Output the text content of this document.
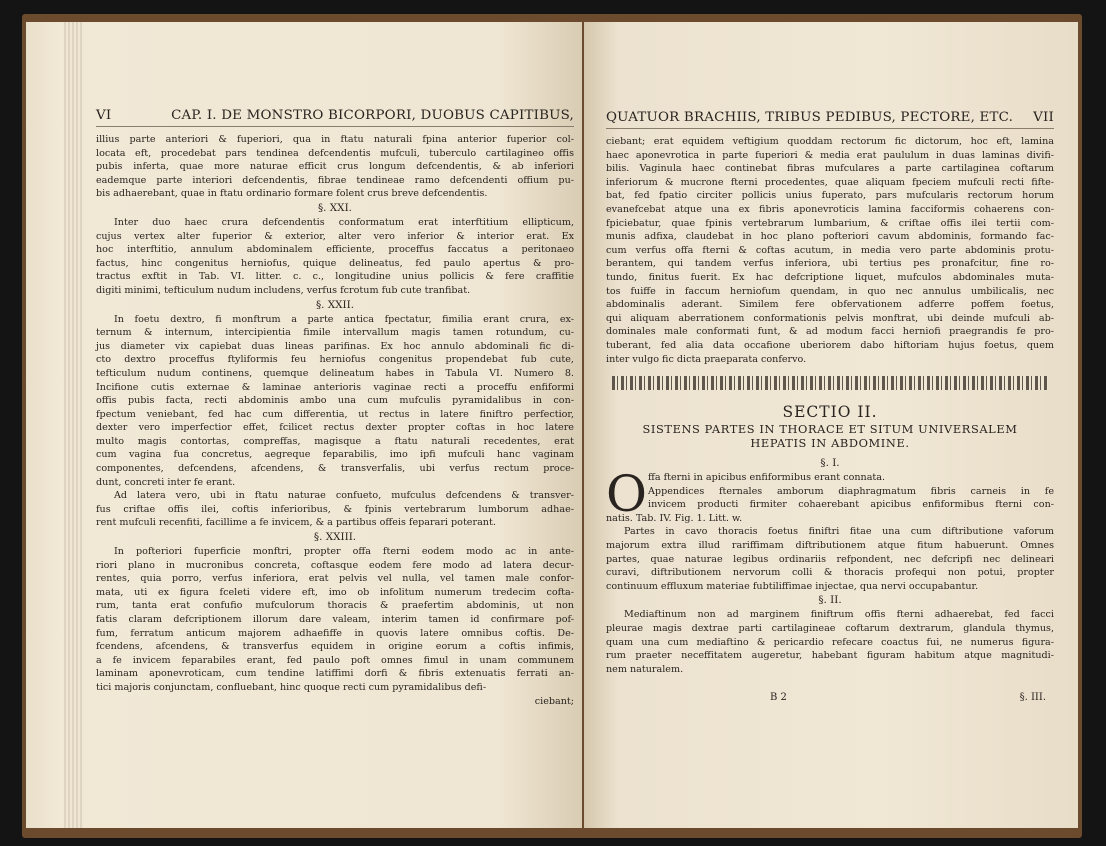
VI	CAP. I. DE MONSTRO BICORPORI, DUOBUS CAPITIBUS,
illius parte anteriori & fuperiori, qua in ftatu naturali fpina anterior fuperior col-
locata eft, procedebat pars tendinea defcendentis mufculi, tuberculo cartilagineo offis
pubis inferta, quae more naturae efficit crus longum defcendentis, & ab inferiori
eademque parte interiori defcendentis, fibrae tendineae ramo defcendenti offium pu-
bis adhaerebant, quae in ftatu ordinario formare folent crus breve defcendentis.
§. XXI.
Inter duo haec crura defcendentis conformatum erat interftitium ellipticum,
cujus vertex alter fuperior & exterior, alter vero inferior & interior erat. Ex
hoc interftitio, annulum abdominalem efficiente, proceffus faccatus a peritonaeo
factus, hinc congenitus herniofus, quique delineatus, fed paulo apertus & pro-
tractus exftit in Tab. VI. litter. c. c., longitudine unius pollicis & fere craffitie
digiti minimi, tefticulum nudum includens, verfus fcrotum fub cute tranfibat.
§. XXII.
In foetu dextro, fi monftrum a parte antica fpectatur, fimilia erant crura, ex-
ternum & internum, intercipientia fimile intervallum magis tamen rotundum, cu-
jus diameter vix capiebat duas lineas parifinas. Ex hoc annulo abdominali fic di-
cto dextro proceffus ftyliformis feu herniofus congenitus propendebat fub cute,
tefticulum nudum continens, quemque delineatum habes in Tabula VI. Numero 8.
Incifione cutis externae & laminae anterioris vaginae recti a proceffu enfiformi
offis pubis facta, recti abdominis ambo una cum mufculis pyramidalibus in con-
fpectum veniebant, fed hac cum differentia, ut rectus in latere finiftro perfectior,
dexter vero imperfectior effet, fcilicet rectus dexter propter coftas in hoc latere
multo magis contortas, compreffas, magisque a ftatu naturali recedentes, erat
cum vagina fua concretus, aegreque feparabilis, imo ipfi mufculi hanc vaginam
componentes, defcendens, afcendens, & transverfalis, ubi verfus rectum proce-
dunt, concreti inter fe erant.
Ad latera vero, ubi in ftatu naturae confueto, mufculus defcendens & transver-
fus criftae offis ilei, coftis inferioribus, & fpinis vertebrarum lumborum adhae-
rent mufculi recenfiti, facillime a fe invicem, & a partibus offeis feparari poterant.
§. XXIII.
In pofteriori fuperficie monftri, propter offa fterni eodem modo ac in ante-
riori plano in mucronibus concreta, coftasque eodem fere modo ad latera decur-
rentes, quia porro, verfus inferiora, erat pelvis vel nulla, vel tamen male confor-
mata, uti ex figura fceleti videre eft, imo ob infolitum numerum tredecim cofta-
rum, tanta erat confufio mufculorum thoracis & praefertim abdominis, ut non
fatis claram defcriptionem illorum dare valeam, interim tamen id confirmare pof-
fum, ferratum anticum majorem adhaefiffe in quovis latere omnibus coftis. De-
fcendens, afcendens, & transverfus equidem in origine eorum a coftis infimis,
a fe invicem feparabiles erant, fed paulo poft omnes fimul in unam communem
laminam aponevroticam, cum tendine latiffimi dorfi & fibris extenuatis ferrati an-
tici majoris conjunctam, confluebant, hinc quoque recti cum pyramidalibus defi-
ciebant;
QUATUOR BRACHIIS, TRIBUS PEDIBUS, PECTORE, ETC. VII
ciebant; erat equidem veftigium quoddam rectorum fic dictorum, hoc eft, lamina
haec aponevrotica in parte fuperiori & media erat paululum in duas laminas divifi-
bilis. Vaginula haec continebat fibras mufculares a parte cartilaginea coftarum
inferiorum & mucrone fterni procedentes, quae aliquam fpeciem mufculi recti fifte-
bat, fed fpatio circiter pollicis unius fuperato, pars mufcularis rectorum horum
evanefcebat atque una ex fibris aponevroticis lamina facciformis cohaerens con-
fpiciebatur, quae fpinis vertebrarum lumbarium, & criftae offis ilei tertii com-
munis adfixa, claudebat in hoc plano pofteriori cavum abdominis, formando fac-
cum verfus offa fterni & coftas acutum, in media vero parte abdominis protu-
berantem, qui tandem verfus inferiora, ubi tertius pes pronafcitur, fine ro-
tundo, finitus fuerit. Ex hac defcriptione liquet, mufculos abdominales muta-
tos fuiffe in faccum herniofum quendam, in quo nec annulus umbilicalis, nec
abdominalis aderant. Similem fere obfervationem adferre poffem foetus,
qui aliquam aberrationem conformationis pelvis monftrat, ubi deinde mufculi ab-
dominales male conformati funt, & ad modum facci herniofi praegrandis fe pro-
tuberant, fed alia data occafione uberiorem dabo hiftoriam hujus foetus, quem
inter vulgo fic dicta praeparata confervo.
SECTIO II.
SISTENS PARTES IN THORACE ET SITUM UNIVERSALEM
HEPATIS IN ABDOMINE.
§. I.
O ffa fterni in apicibus enfiformibus erant connata.
Appendices fternales amborum diaphragmatum fibris carneis in fe
invicem producti firmiter cohaerebant apicibus enfiformibus fterni con-
natis. Tab. IV. Fig. 1. Litt. w.
Partes in cavo thoracis foetus finiftri fitae una cum diftributione vaforum
majorum extra illud rariffimam diftributionem atque fitum habuerunt. Omnes
partes, quae naturae legibus ordinariis refpondent, nec defcripfi nec delineari
curavi, diftributionem nervorum colli & thoracis profequi non potui, propter
continuum effluxum materiae fubtiliffimae injectae, qua nervi occupabantur.
§. II.
Mediaftinum non ad marginem finiftrum offis fterni adhaerebat, fed facci
pleurae magis dextrae parti cartilagineae coftarum dextrarum, glandula thymus,
quam una cum mediaftino & pericardio refecare coactus fui, ne numerus figura-
rum praeter neceffitatem augeretur, habebant figuram habitum atque magnitudi-
nem naturalem.
B 2	§. III.
